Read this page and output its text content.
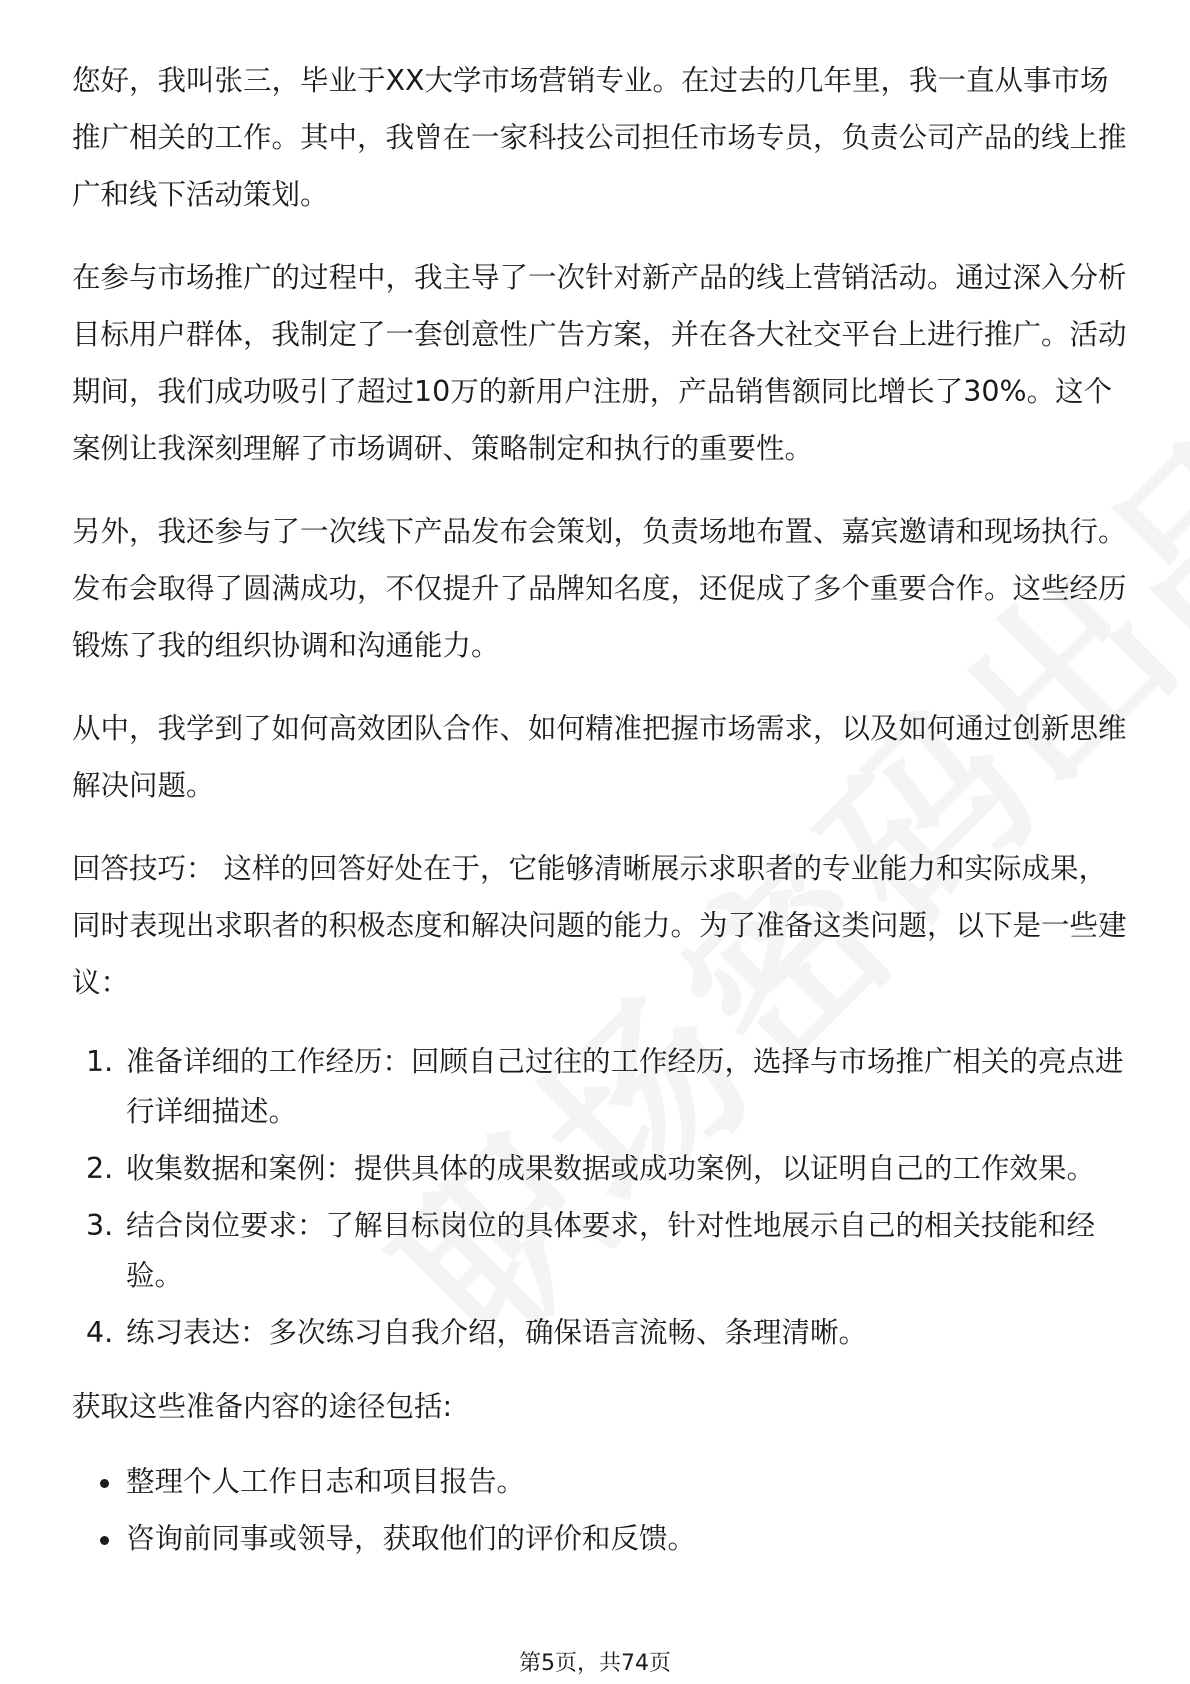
您好，我叫张三，毕业于XX大学市场营销专业。在过去的几年里，我一直从事市场推广相关的工作。其中，我曾在一家科技公司担任市场专员，负责公司产品的线上推广和线下活动策划。

在参与市场推广的过程中，我主导了一次针对新产品的线上营销活动。通过深入分析目标用户群体，我制定了一套创意性广告方案，并在各大社交平台上进行推广。活动期间，我们成功吸引了超过10万的新用户注册，产品销售额同比增长了30%。这个案例让我深刻理解了市场调研、策略制定和执行的重要性。

另外，我还参与了一次线下产品发布会策划，负责场地布置、嘉宾邀请和现场执行。发布会取得了圆满成功，不仅提升了品牌知名度，还促成了多个重要合作。这些经历锻炼了我的组织协调和沟通能力。

从中，我学到了如何高效团队合作、如何精准把握市场需求，以及如何通过创新思维解决问题。

回答技巧： 这样的回答好处在于，它能够清晰展示求职者的专业能力和实际成果，同时表现出求职者的积极态度和解决问题的能力。为了准备这类问题，以下是一些建议：

1. 准备详细的工作经历：回顾自己过往的工作经历，选择与市场推广相关的亮点进行详细描述。
2. 收集数据和案例：提供具体的成果数据或成功案例，以证明自己的工作效果。
3. 结合岗位要求：了解目标岗位的具体要求，针对性地展示自己的相关技能和经验。
4. 练习表达：多次练习自我介绍，确保语言流畅、条理清晰。

获取这些准备内容的途径包括:

整理个人工作日志和项目报告。
咨询前同事或领导，获取他们的评价和反馈。
第5页，共74页
